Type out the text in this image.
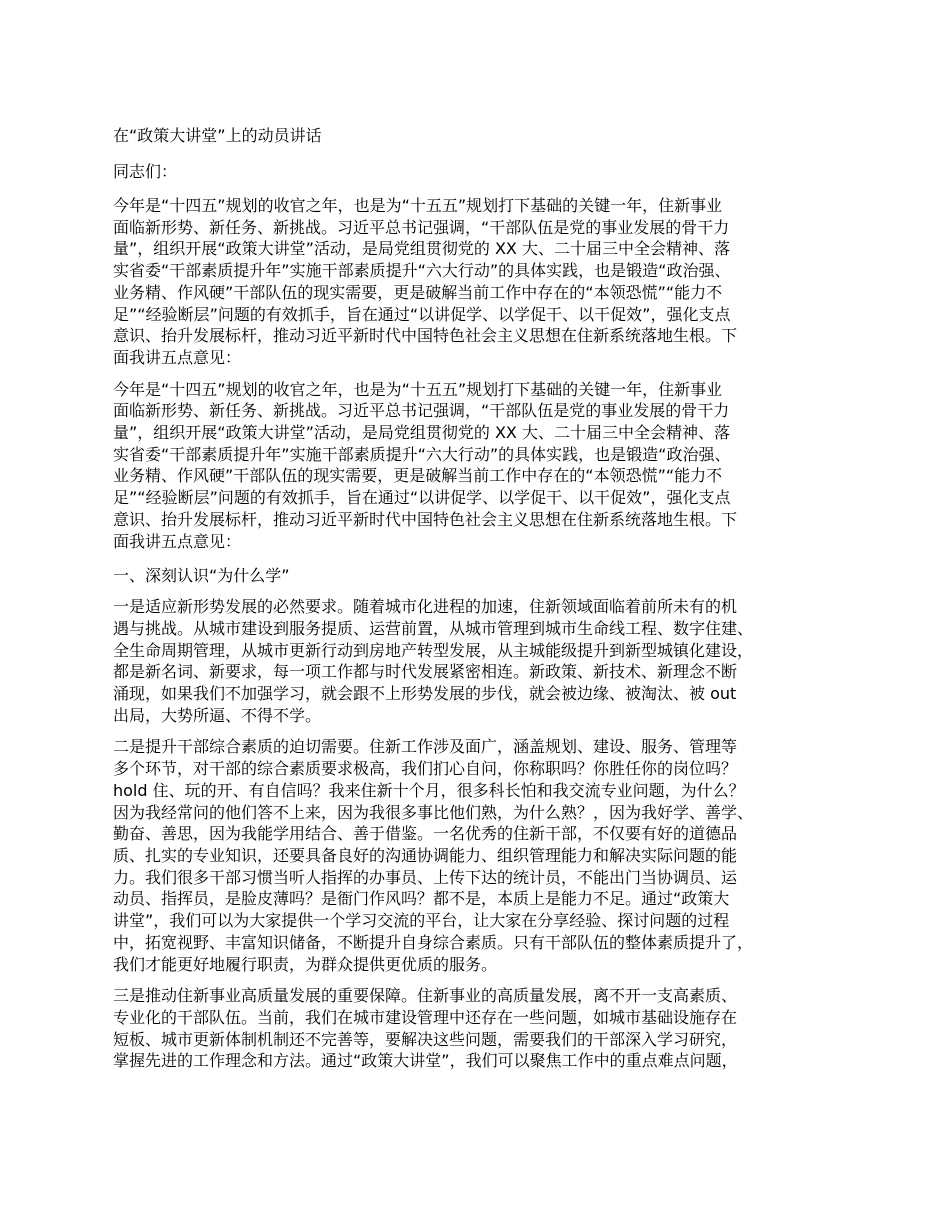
在“政策大讲堂”上的动员讲话
同志们：
今年是“十四五”规划的收官之年，也是为“十五五”规划打下基础的关键一年，住新事业
面临新形势、新任务、新挑战。习近平总书记强调，“干部队伍是党的事业发展的骨干力
量”，组织开展“政策大讲堂”活动，是局党组贯彻党的 XX 大、二十届三中全会精神、落
实省委“干部素质提升年”实施干部素质提升“六大行动”的具体实践，也是锻造“政治强、
业务精、作风硬”干部队伍的现实需要，更是破解当前工作中存在的“本领恐慌”“能力不
足”“经验断层”问题的有效抓手，旨在通过“以讲促学、以学促干、以干促效”，强化支点
意识、抬升发展标杆，推动习近平新时代中国特色社会主义思想在住新系统落地生根。下
面我讲五点意见：
今年是“十四五”规划的收官之年，也是为“十五五”规划打下基础的关键一年，住新事业
面临新形势、新任务、新挑战。习近平总书记强调，“干部队伍是党的事业发展的骨干力
量”，组织开展“政策大讲堂”活动，是局党组贯彻党的 XX 大、二十届三中全会精神、落
实省委“干部素质提升年”实施干部素质提升“六大行动”的具体实践，也是锻造“政治强、
业务精、作风硬”干部队伍的现实需要，更是破解当前工作中存在的“本领恐慌”“能力不
足”“经验断层”问题的有效抓手，旨在通过“以讲促学、以学促干、以干促效”，强化支点
意识、抬升发展标杆，推动习近平新时代中国特色社会主义思想在住新系统落地生根。下
面我讲五点意见：
一、深刻认识“为什么学”
一是适应新形势发展的必然要求。随着城市化进程的加速，住新领域面临着前所未有的机
遇与挑战。从城市建设到服务提质、运营前置，从城市管理到城市生命线工程、数字住建、
全生命周期管理，从城市更新行动到房地产转型发展，从主城能级提升到新型城镇化建设，
都是新名词、新要求，每一项工作都与时代发展紧密相连。新政策、新技术、新理念不断
涌现，如果我们不加强学习，就会跟不上形势发展的步伐，就会被边缘、被淘汰、被 out
出局，大势所逼、不得不学。
二是提升干部综合素质的迫切需要。住新工作涉及面广，涵盖规划、建设、服务、管理等
多个环节，对干部的综合素质要求极高，我们扪心自问，你称职吗？你胜任你的岗位吗？
hold 住、玩的开、有自信吗？我来住新十个月，很多科长怕和我交流专业问题，为什么？
因为我经常问的他们答不上来，因为我很多事比他们熟，为什么熟？，因为我好学、善学、
勤奋、善思，因为我能学用结合、善于借鉴。一名优秀的住新干部，不仅要有好的道德品
质、扎实的专业知识，还要具备良好的沟通协调能力、组织管理能力和解决实际问题的能
力。我们很多干部习惯当听人指挥的办事员、上传下达的统计员，不能出门当协调员、运
动员、指挥员，是脸皮薄吗？是衙门作风吗？都不是，本质上是能力不足。通过“政策大
讲堂”，我们可以为大家提供一个学习交流的平台，让大家在分享经验、探讨问题的过程
中，拓宽视野、丰富知识储备，不断提升自身综合素质。只有干部队伍的整体素质提升了，
我们才能更好地履行职责，为群众提供更优质的服务。
三是推动住新事业高质量发展的重要保障。住新事业的高质量发展，离不开一支高素质、
专业化的干部队伍。当前，我们在城市建设管理中还存在一些问题，如城市基础设施存在
短板、城市更新体制机制还不完善等，要解决这些问题，需要我们的干部深入学习研究，
掌握先进的工作理念和方法。通过“政策大讲堂”，我们可以聚焦工作中的重点难点问题，
